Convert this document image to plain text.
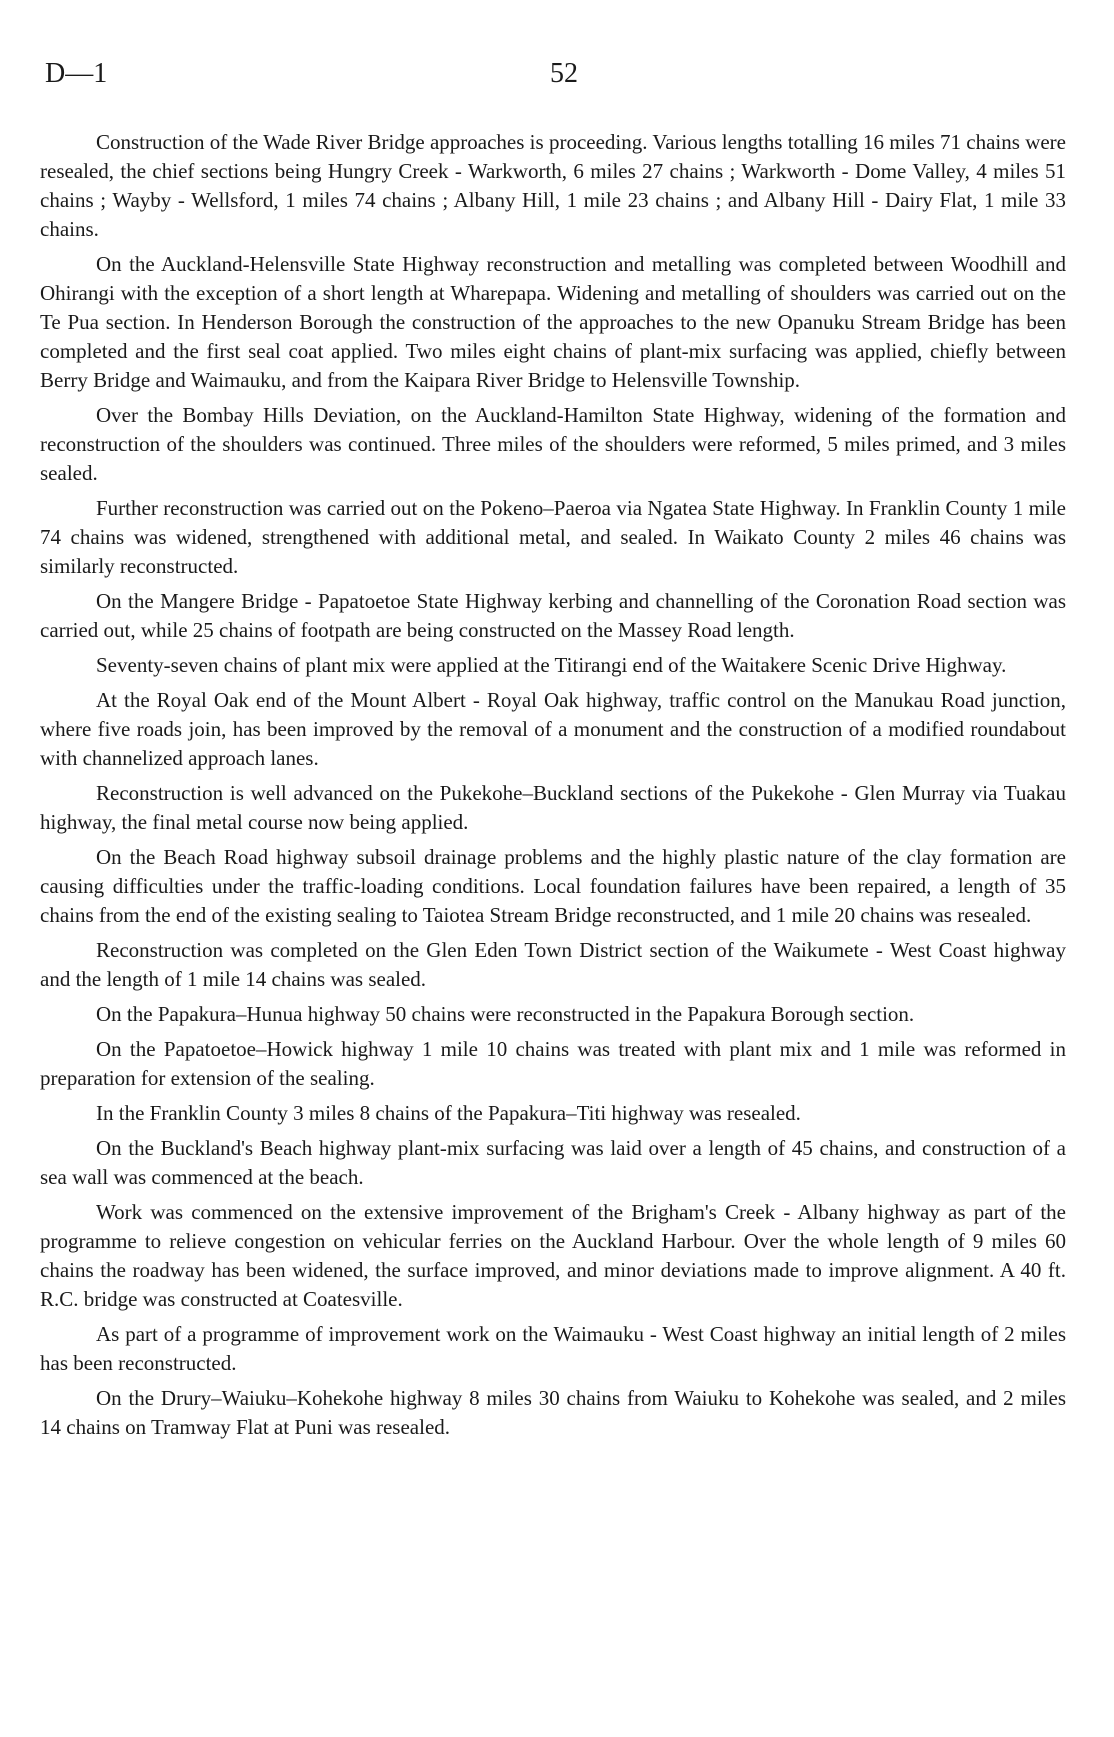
D—1	52

Construction of the Wade River Bridge approaches is proceeding. Various lengths totalling 16 miles 71 chains were resealed, the chief sections being Hungry Creek - Warkworth, 6 miles 27 chains ; Warkworth - Dome Valley, 4 miles 51 chains ; Wayby - Wellsford, 1 miles 74 chains ; Albany Hill, 1 mile 23 chains ; and Albany Hill - Dairy Flat, 1 mile 33 chains.

On the Auckland-Helensville State Highway reconstruction and metalling was completed between Woodhill and Ohirangi with the exception of a short length at Wharepapa. Widening and metalling of shoulders was carried out on the Te Pua section. In Henderson Borough the construction of the approaches to the new Opanuku Stream Bridge has been completed and the first seal coat applied. Two miles eight chains of plant-mix surfacing was applied, chiefly between Berry Bridge and Waimauku, and from the Kaipara River Bridge to Helensville Township.

Over the Bombay Hills Deviation, on the Auckland-Hamilton State Highway, widening of the formation and reconstruction of the shoulders was continued. Three miles of the shoulders were reformed, 5 miles primed, and 3 miles sealed.

Further reconstruction was carried out on the Pokeno–Paeroa via Ngatea State Highway. In Franklin County 1 mile 74 chains was widened, strengthened with additional metal, and sealed. In Waikato County 2 miles 46 chains was similarly reconstructed.

On the Mangere Bridge - Papatoetoe State Highway kerbing and channelling of the Coronation Road section was carried out, while 25 chains of footpath are being constructed on the Massey Road length.

Seventy-seven chains of plant mix were applied at the Titirangi end of the Waitakere Scenic Drive Highway.

At the Royal Oak end of the Mount Albert - Royal Oak highway, traffic control on the Manukau Road junction, where five roads join, has been improved by the removal of a monument and the construction of a modified roundabout with channelized approach lanes.

Reconstruction is well advanced on the Pukekohe–Buckland sections of the Pukekohe - Glen Murray via Tuakau highway, the final metal course now being applied.

On the Beach Road highway subsoil drainage problems and the highly plastic nature of the clay formation are causing difficulties under the traffic-loading conditions. Local foundation failures have been repaired, a length of 35 chains from the end of the existing sealing to Taiotea Stream Bridge reconstructed, and 1 mile 20 chains was resealed.

Reconstruction was completed on the Glen Eden Town District section of the Waikumete - West Coast highway and the length of 1 mile 14 chains was sealed.

On the Papakura–Hunua highway 50 chains were reconstructed in the Papakura Borough section.

On the Papatoetoe–Howick highway 1 mile 10 chains was treated with plant mix and 1 mile was reformed in preparation for extension of the sealing.

In the Franklin County 3 miles 8 chains of the Papakura–Titi highway was resealed.

On the Buckland's Beach highway plant-mix surfacing was laid over a length of 45 chains, and construction of a sea wall was commenced at the beach.

Work was commenced on the extensive improvement of the Brigham's Creek - Albany highway as part of the programme to relieve congestion on vehicular ferries on the Auckland Harbour. Over the whole length of 9 miles 60 chains the roadway has been widened, the surface improved, and minor deviations made to improve alignment. A 40 ft. R.C. bridge was constructed at Coatesville.

As part of a programme of improvement work on the Waimauku - West Coast highway an initial length of 2 miles has been reconstructed.

On the Drury–Waiuku–Kohekohe highway 8 miles 30 chains from Waiuku to Kohekohe was sealed, and 2 miles 14 chains on Tramway Flat at Puni was resealed.
